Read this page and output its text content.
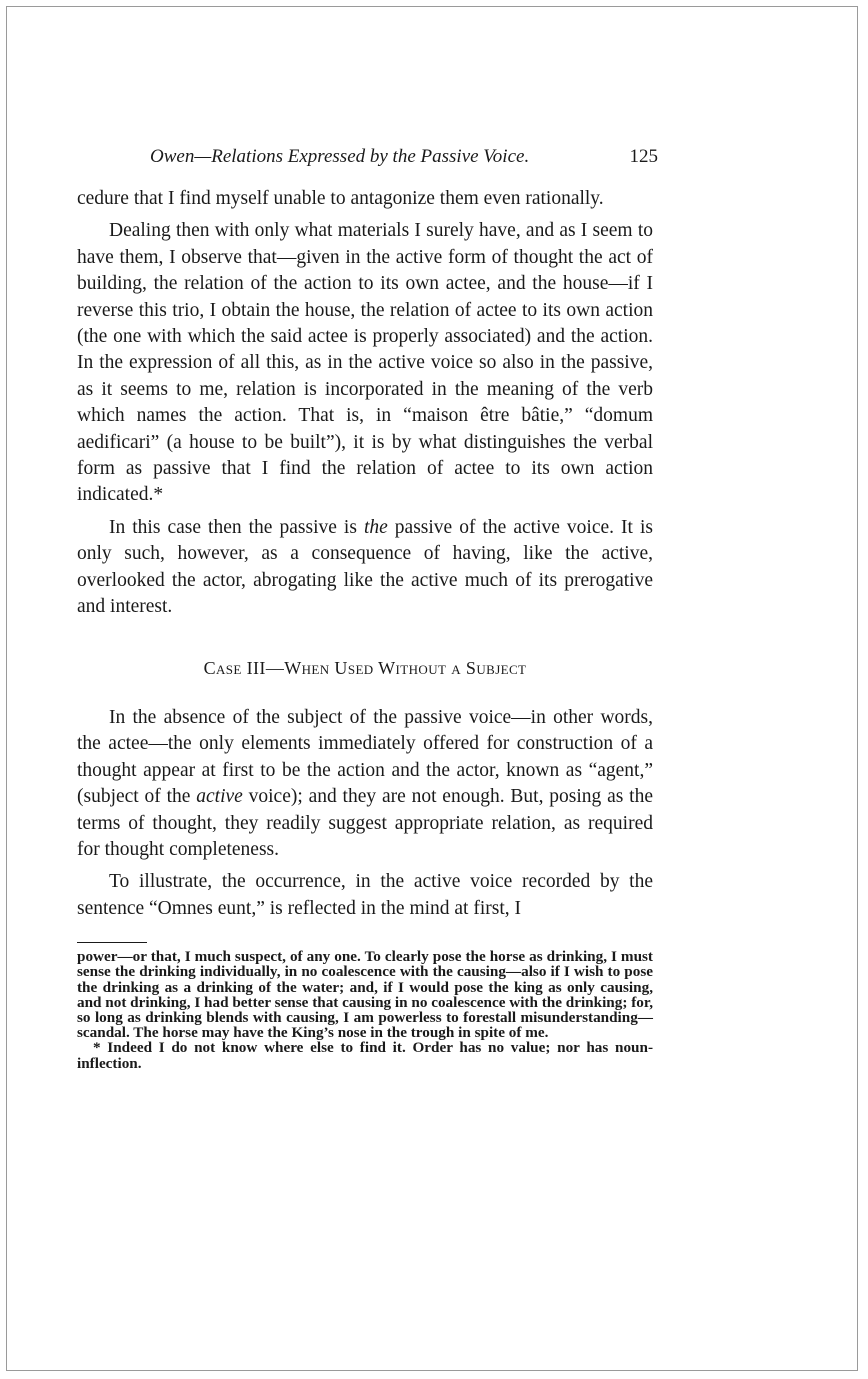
Owen—Relations Expressed by the Passive Voice.	125

cedure that I find myself unable to antagonize them even rationally.

Dealing then with only what materials I surely have, and as I seem to have them, I observe that—given in the active form of thought the act of building, the relation of the action to its own actee, and the house—if I reverse this trio, I obtain the house, the relation of actee to its own action (the one with which the said actee is properly associated) and the action. In the expression of all this, as in the active voice so also in the passive, as it seems to me, relation is incorporated in the meaning of the verb which names the action. That is, in “maison être bâtie,” “domum aedificari” (a house to be built”), it is by what distinguishes the verbal form as passive that I find the relation of actee to its own action indicated.*

In this case then the passive is the passive of the active voice. It is only such, however, as a consequence of having, like the active, overlooked the actor, abrogating like the active much of its prerogative and interest.

Case III—When Used Without a Subject

In the absence of the subject of the passive voice—in other words, the actee—the only elements immediately offered for construction of a thought appear at first to be the action and the actor, known as “agent,” (subject of the active voice); and they are not enough. But, posing as the terms of thought, they readily suggest appropriate relation, as required for thought completeness.

To illustrate, the occurrence, in the active voice recorded by the sentence “Omnes eunt,” is reflected in the mind at first, I

power—or that, I much suspect, of any one. To clearly pose the horse as drinking, I must sense the drinking individually, in no coalescence with the causing—also if I wish to pose the drinking as a drinking of the water; and, if I would pose the king as only causing, and not drinking, I had better sense that causing in no coalescence with the drinking; for, so long as drinking blends with causing, I am powerless to forestall misunderstanding—scandal. The horse may have the King’s nose in the trough in spite of me.

* Indeed I do not know where else to find it. Order has no value; nor has noun-inflection.
